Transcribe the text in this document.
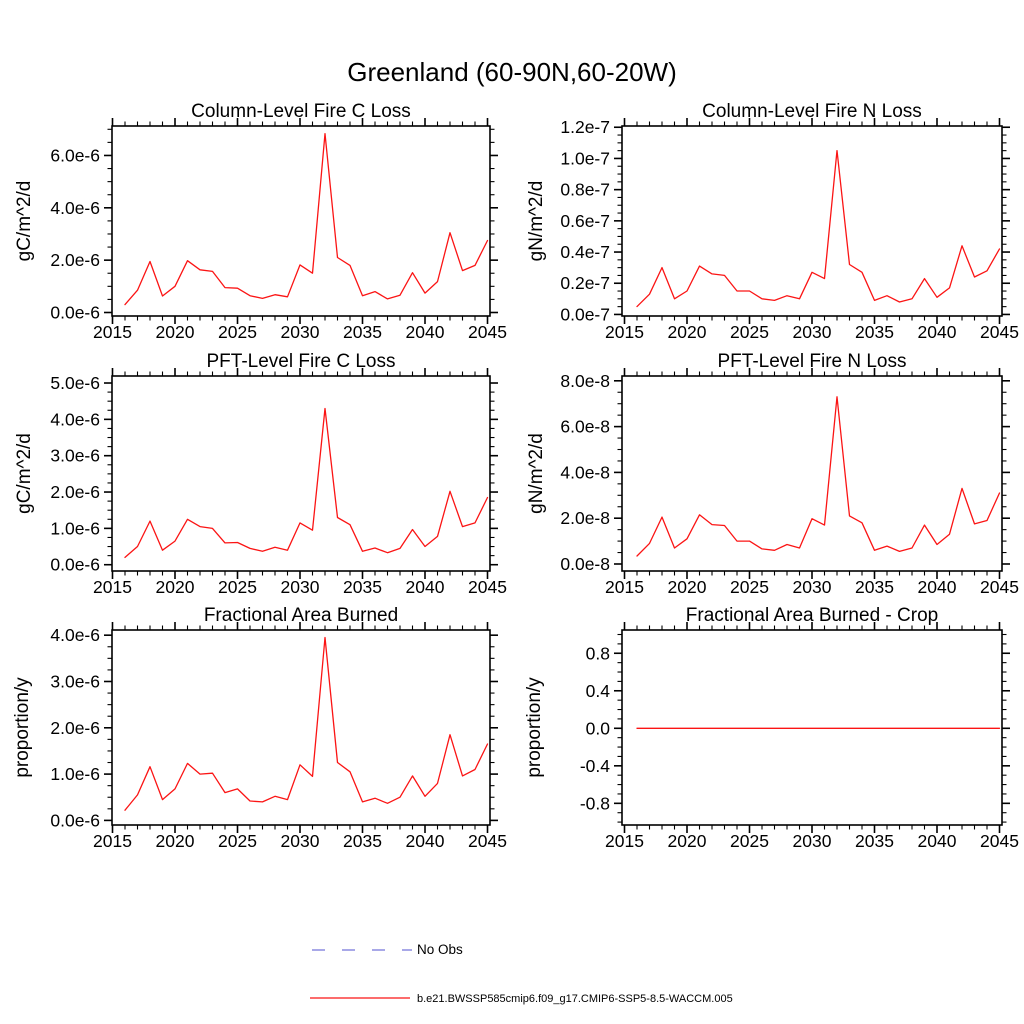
Greenland (60-90N,60-20W)
2015 2020 2025 2030 2035 2040 2045
0.0e-6
2.0e-6
4.0e-6
6.0e-6
Column-Level Fire C Loss
gC/m^2/d
2015 2020 2025 2030 2035 2040 2045
0.0e-7
0.2e-7
0.4e-7
0.6e-7
0.8e-7
1.0e-7
1.2e-7
Column-Level Fire N Loss
gN/m^2/d
2015 2020 2025 2030 2035 2040 2045
0.0e-6
1.0e-6
2.0e-6
3.0e-6
4.0e-6
5.0e-6
PFT-Level Fire C Loss
gC/m^2/d
2015 2020 2025 2030 2035 2040 2045
0.0e-8
2.0e-8
4.0e-8
6.0e-8
8.0e-8
PFT-Level Fire N Loss
gN/m^2/d
2015 2020 2025 2030 2035 2040 2045
0.0e-6
1.0e-6
2.0e-6
3.0e-6
4.0e-6
Fractional Area Burned
proportion/y
2015 2020 2025 2030 2035 2040 2045
-0.8
-0.4
0.0
0.4
0.8
Fractional Area Burned - Crop
proportion/y
No Obs
b.e21.BWSSP585cmip6.f09_g17.CMIP6-SSP5-8.5-WACCM.005
